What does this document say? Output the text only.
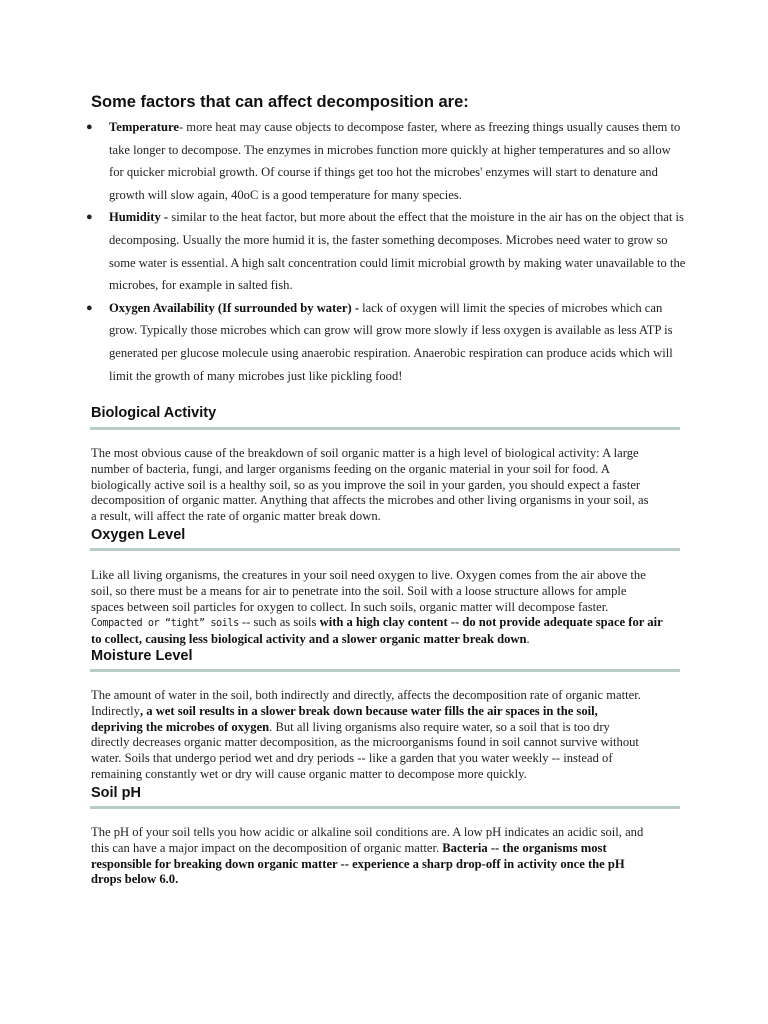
Some factors that can affect decomposition are:
● Temperature- more heat may cause objects to decompose faster, where as freezing things usually causes them to take longer to decompose. The enzymes in microbes function more quickly at higher temperatures and so allow for quicker microbial growth. Of course if things get too hot the microbes' enzymes will start to denature and growth will slow again, 40oC is a good temperature for many species.
● Humidity - similar to the heat factor, but more about the effect that the moisture in the air has on the object that is decomposing. Usually the more humid it is, the faster something decomposes. Microbes need water to grow so some water is essential. A high salt concentration could limit microbial growth by making water unavailable to the microbes, for example in salted fish.
● Oxygen Availability (If surrounded by water) - lack of oxygen will limit the species of microbes which can grow. Typically those microbes which can grow will grow more slowly if less oxygen is available as less ATP is generated per glucose molecule using anaerobic respiration. Anaerobic respiration can produce acids which will limit the growth of many microbes just like pickling food!
Biological Activity

The most obvious cause of the breakdown of soil organic matter is a high level of biological activity: A large
number of bacteria, fungi, and larger organisms feeding on the organic material in your soil for food. A
biologically active soil is a healthy soil, so as you improve the soil in your garden, you should expect a faster
decomposition of organic matter. Anything that affects the microbes and other living organisms in your soil, as
a result, will affect the rate of organic matter break down.

Oxygen Level

Like all living organisms, the creatures in your soil need oxygen to live. Oxygen comes from the air above the
soil, so there must be a means for air to penetrate into the soil. Soil with a loose structure allows for ample
spaces between soil particles for oxygen to collect. In such soils, organic matter will decompose faster.
Compacted or “tight” soils -- such as soils with a high clay content -- do not provide adequate space for air
to collect, causing less biological activity and a slower organic matter break down.

Moisture Level

The amount of water in the soil, both indirectly and directly, affects the decomposition rate of organic matter.
Indirectly, a wet soil results in a slower break down because water fills the air spaces in the soil,
depriving the microbes of oxygen. But all living organisms also require water, so a soil that is too dry
directly decreases organic matter decomposition, as the microorganisms found in soil cannot survive without
water. Soils that undergo period wet and dry periods -- like a garden that you water weekly -- instead of
remaining constantly wet or dry will cause organic matter to decompose more quickly.

Soil pH

The pH of your soil tells you how acidic or alkaline soil conditions are. A low pH indicates an acidic soil, and
this can have a major impact on the decomposition of organic matter. Bacteria -- the organisms most
responsible for breaking down organic matter -- experience a sharp drop-off in activity once the pH
drops below 6.0.
